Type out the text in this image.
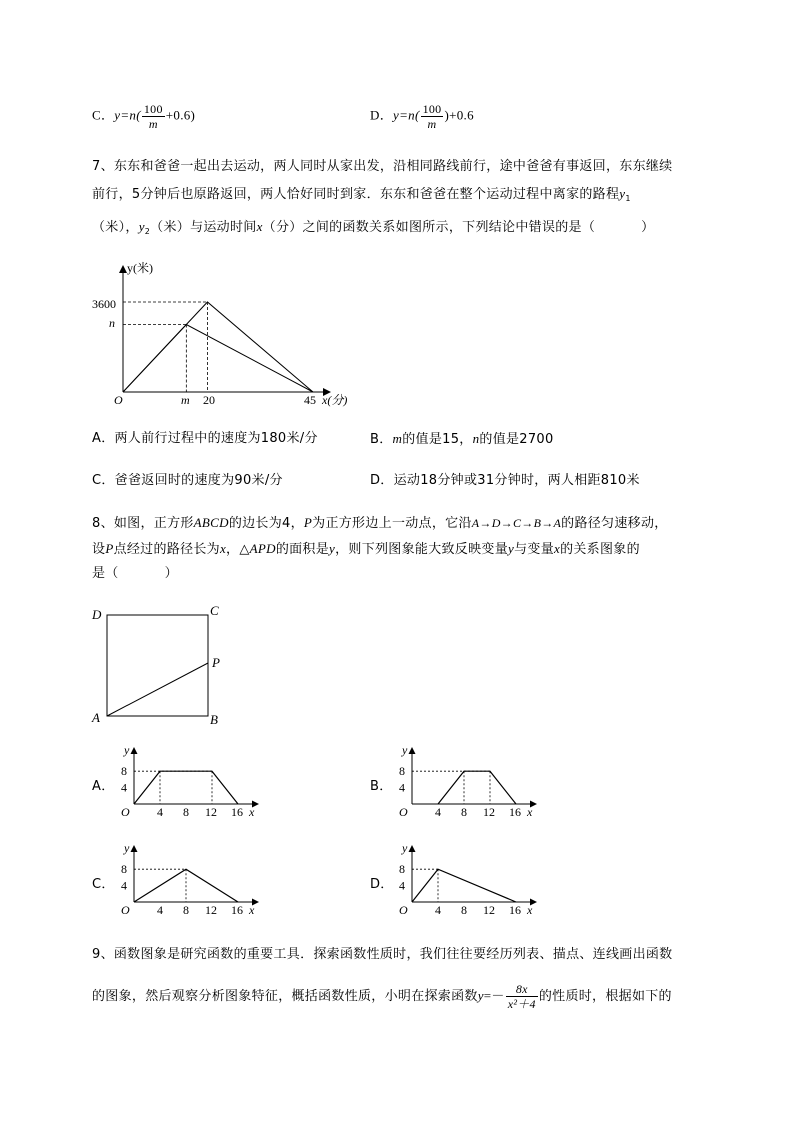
C．$y=n( \frac{100}{m} +0.6)$	D．$y=n( \frac{100}{m} )+0.6$
7、东东和爸爸一起出去运动，两人同时从家出发，沿相同路线前行，途中爸爸有事返回，东东继续
前行，5分钟后也原路返回，两人恰好同时到家．东东和爸爸在整个运动过程中离家的路程$y_1$
（米），$y_2$（米）与运动时间x（分）之间的函数关系如图所示，下列结论中错误的是（	）
y(米)
3600
n
O	m 20	45 x(分)
A．两人前行过程中的速度为180米/分	B．m的值是15，n的值是2700
C．爸爸返回时的速度为90米/分	D．运动18分钟或31分钟时，两人相距810米
8、如图，正方形ABCD的边长为4，P为正方形边上一动点，它沿A→D→C→B→A的路径匀速移动，
设P点经过的路径长为x，△APD的面积是y，则下列图象能大致反映变量y与变量x的关系图象的
是（	）
D	C
P
A	B
A．	B．
C．	D．
y
8
4
O 4 8 12 16 x
y
8
4
O 4 8 12 16 x
y
8
4
O 4 8 12 16 x
y
8
4
O 4 8 12 16 x
9、函数图象是研究函数的重要工具．探索函数性质时，我们往往要经历列表、描点、连线画出函数
的图象，然后观察分析图象特征，概括函数性质，小明在探索函数$y=- \frac{8x}{\text{x²＋4}}$ 的性质时，根据如下的
